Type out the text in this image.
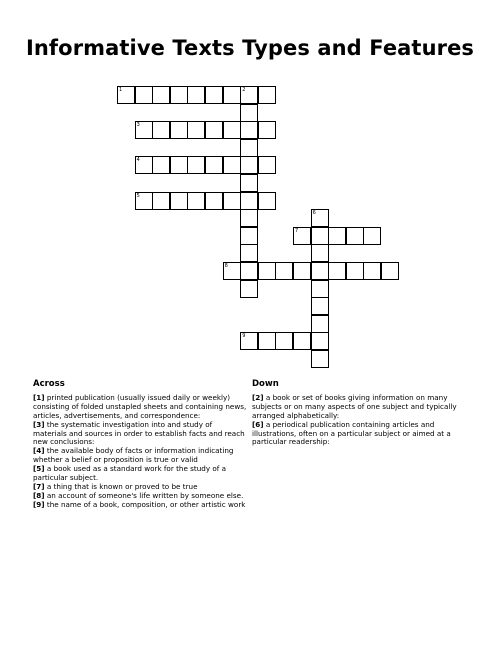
Informative Texts Types and Features
1	2
3
4
5
7
8
9
6
Across
[1] printed publication (usually issued daily or weekly) consisting of folded unstapled sheets and containing news, articles, advertisements, and correspondence:
[3] the systematic investigation into and study of materials and sources in order to establish facts and reach new conclusions:
[4] the available body of facts or information indicating whether a belief or proposition is true or valid
[5] a book used as a standard work for the study of a particular subject.
[7] a thing that is known or proved to be true
[8] an account of someone's life written by someone else.
[9] the name of a book, composition, or other artistic work
Down
[2] a book or set of books giving information on many subjects or on many aspects of one subject and typically arranged alphabetically:
[6] a periodical publication containing articles and illustrations, often on a particular subject or aimed at a particular readership:
